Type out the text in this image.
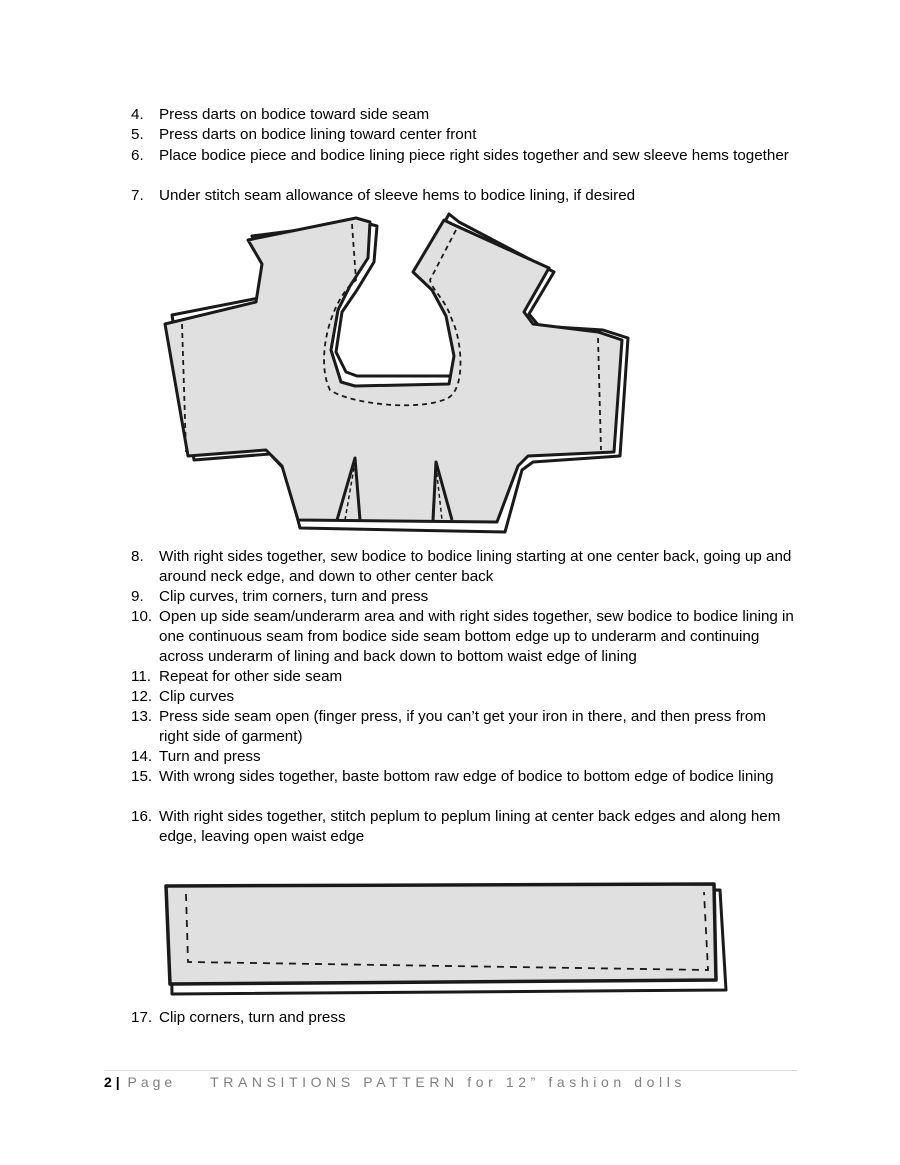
4. Press darts on bodice toward side seam
5. Press darts on bodice lining toward center front
6. Place bodice piece and bodice lining piece right sides together and sew sleeve hems together
7. Under stitch seam allowance of sleeve hems to bodice lining, if desired
8. With right sides together, sew bodice to bodice lining starting at one center back, going up and around neck edge, and down to other center back
9. Clip curves, trim corners, turn and press
10. Open up side seam/underarm area and with right sides together, sew bodice to bodice lining in one continuous seam from bodice side seam bottom edge up to underarm and continuing across underarm of lining and back down to bottom waist edge of lining
11. Repeat for other side seam
12. Clip curves
13. Press side seam open (finger press, if you can’t get your iron in there, and then press from right side of garment)
14. Turn and press
15. With wrong sides together, baste bottom raw edge of bodice to bottom edge of bodice lining
16. With right sides together, stitch peplum to peplum lining at center back edges and along hem edge, leaving open waist edge
17. Clip corners, turn and press
2 | Page TRANSITIONS PATTERN for 12” fashion dolls
